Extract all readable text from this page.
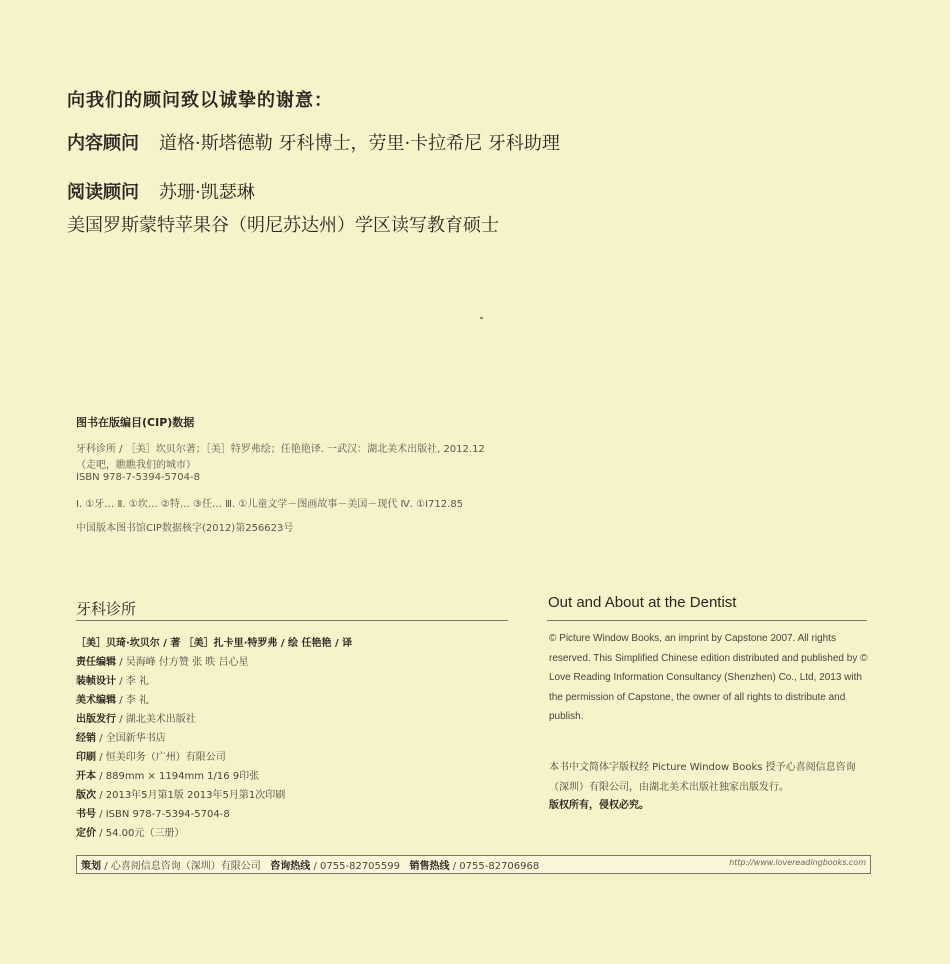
向我们的顾问致以诚挚的谢意：
内容顾问 道格·斯塔德勒 牙科博士，劳里·卡拉希尼 牙科助理
阅读顾问 苏珊·凯瑟琳
美国罗斯蒙特苹果谷（明尼苏达州）学区读写教育硕士
图书在版编目(CIP)数据
牙科诊所 / ［美］坎贝尔著；［美］特罗弗绘；任艳艳译. 一武汉：湖北美术出版社, 2012.12
（走吧，瞧瞧我们的城市）
ISBN 978-7-5394-5704-8
Ⅰ. ①牙… Ⅱ. ①坎… ②特… ③任… Ⅲ. ①儿童文学－图画故事－美国－现代 Ⅳ. ①I712.85
中国版本图书馆CIP数据核字(2012)第256623号
牙科诊所	Out and About at the Dentist
［美］贝琦·坎贝尔 / 著 ［美］扎卡里·特罗弗 / 绘 任艳艳 / 译
责任编辑 / 吴海峰 付方赞 张 昳 吕心星
装帧设计 / 李 礼
美术编辑 / 李 礼
出版发行 / 湖北美术出版社
经销 / 全国新华书店
印刷 / 恒美印务（广州）有限公司
开本 / 889mm × 1194mm 1/16 9印张
版次 / 2013年5月第1版 2013年5月第1次印刷
书号 / ISBN 978-7-5394-5704-8
定价 / 54.00元（三册）
© Picture Window Books, an imprint by Capstone 2007. All rights reserved. This Simplified Chinese edition distributed and published by © Love Reading Information Consultancy (Shenzhen) Co., Ltd, 2013 with the permission of Capstone, the owner of all rights to distribute and publish.
本书中文简体字版权经 Picture Window Books 授予心喜阅信息咨询（深圳）有限公司，由湖北美术出版社独家出版发行。
版权所有，侵权必究。
策划 / 心喜阅信息咨询（深圳）有限公司 咨询热线 / 0755-82705599 销售热线 / 0755-82706968	http://www.lovereadingbooks.com
